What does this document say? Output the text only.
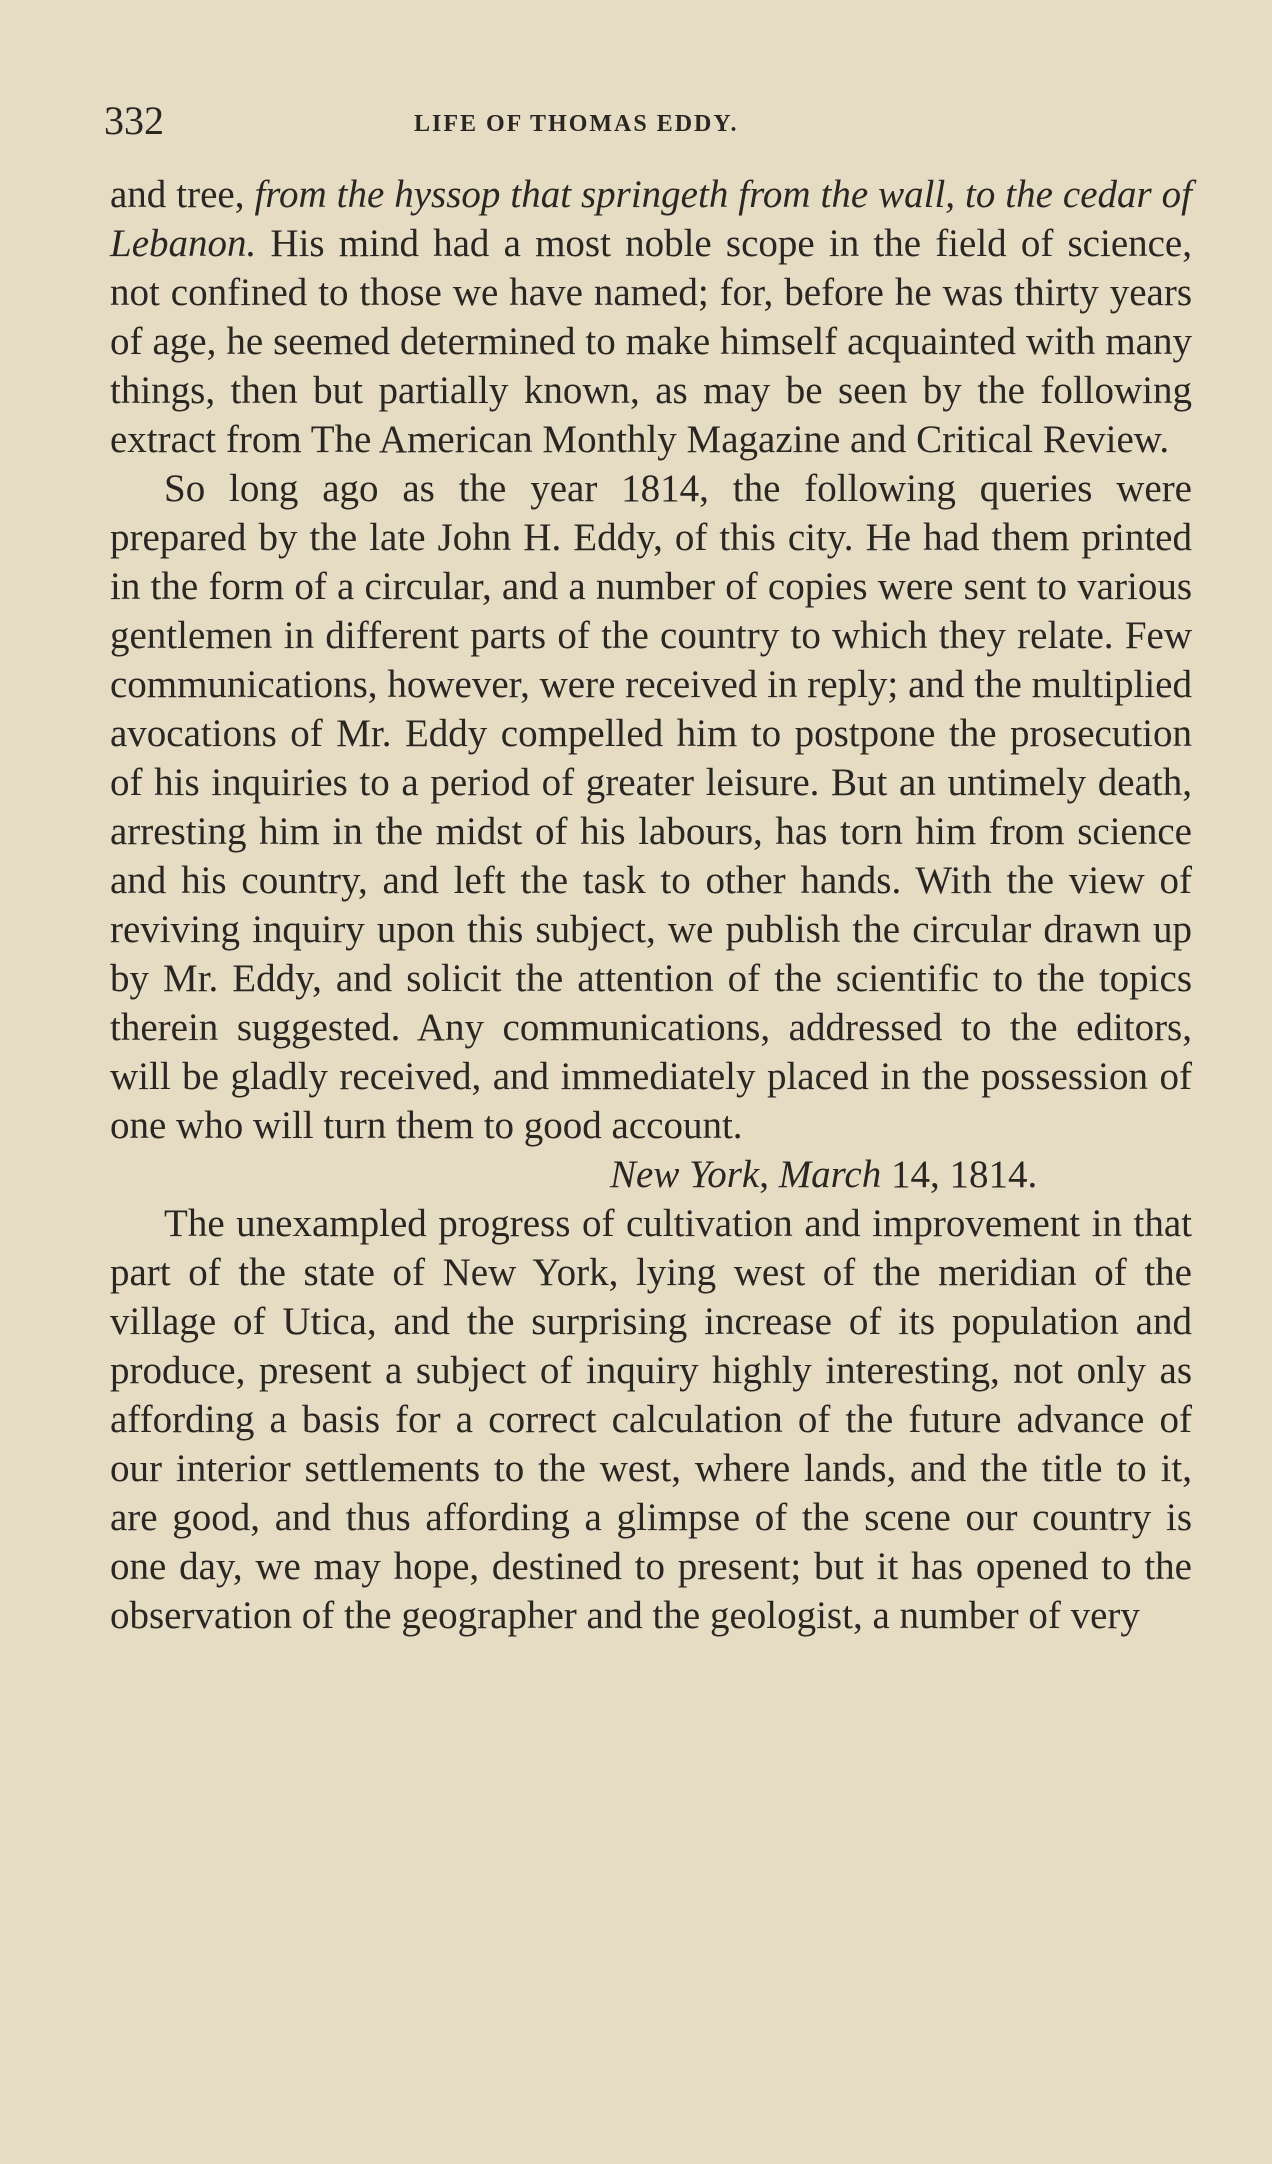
332	LIFE OF THOMAS EDDY.

and tree, from the hyssop that springeth from the wall, to the cedar of Lebanon. His mind had a most noble scope in the field of science, not confined to those we have named; for, before he was thirty years of age, he seemed determined to make himself acquainted with many things, then but partially known, as may be seen by the following extract from The American Monthly Magazine and Critical Review.

So long ago as the year 1814, the following queries were prepared by the late John H. Eddy, of this city. He had them printed in the form of a circular, and a number of copies were sent to various gentlemen in different parts of the country to which they relate. Few communications, however, were received in reply; and the multiplied avocations of Mr. Eddy compelled him to postpone the prosecution of his inquiries to a period of greater leisure. But an untimely death, arresting him in the midst of his labours, has torn him from science and his country, and left the task to other hands. With the view of reviving inquiry upon this subject, we publish the circular drawn up by Mr. Eddy, and solicit the attention of the scientific to the topics therein suggested. Any communications, addressed to the editors, will be gladly received, and immediately placed in the possession of one who will turn them to good account.

New York, March 14, 1814.

The unexampled progress of cultivation and improvement in that part of the state of New York, lying west of the meridian of the village of Utica, and the surprising increase of its population and produce, present a subject of inquiry highly interesting, not only as affording a basis for a correct calculation of the future advance of our interior settlements to the west, where lands, and the title to it, are good, and thus affording a glimpse of the scene our country is one day, we may hope, destined to present; but it has opened to the observation of the geographer and the geologist, a number of very
